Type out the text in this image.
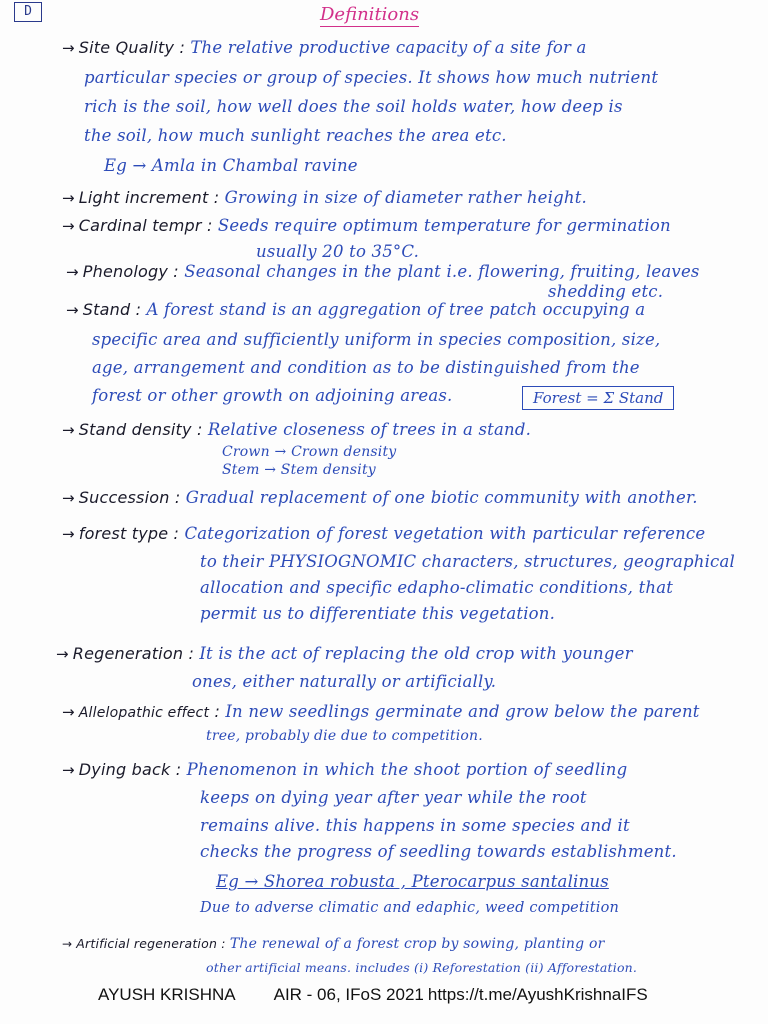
D	Definitions
→ Site Quality : The relative productive capacity of a site for a
particular species or group of species. It shows how much nutrient
rich is the soil, how well does the soil holds water, how deep is
the soil, how much sunlight reaches the area etc.
Eg → Amla in Chambal ravine
→ Light increment : Growing in size of diameter rather height.
→ Cardinal tempr : Seeds require optimum temperature for germination
usually 20 to 35°C.
→ Phenology : Seasonal changes in the plant i.e. flowering, fruiting, leaves
shedding etc.
→ Stand : A forest stand is an aggregation of tree patch occupying a
specific area and sufficiently uniform in species composition, size,
age, arrangement and condition as to be distinguished from the
forest or other growth on adjoining areas.	Forest = Σ Stand
→ Stand density : Relative closeness of trees in a stand.
Crown → Crown density
Stem → Stem density
→ Succession : Gradual replacement of one biotic community with another.
→ forest type : Categorization of forest vegetation with particular reference
to their PHYSIOGNOMIC characters, structures, geographical
allocation and specific edapho-climatic conditions, that
permit us to differentiate this vegetation.
→ Regeneration : It is the act of replacing the old crop with younger
ones, either naturally or artificially.
→ Allelopathic effect : In new seedlings germinate and grow below the parent
tree, probably die due to competition.
→ Dying back : Phenomenon in which the shoot portion of seedling
keeps on dying year after year while the root
remains alive. this happens in some species and it
checks the progress of seedling towards establishment.
Eg → Shorea robusta , Pterocarpus santalinus
Due to adverse climatic and edaphic, weed competition
→ Artificial regeneration : The renewal of a forest crop by sowing, planting or
other artificial means. includes (i) Reforestation (ii) Afforestation.
AYUSH KRISHNA AIR - 06, IFoS 2021 https://t.me/AyushKrishnaIFS
